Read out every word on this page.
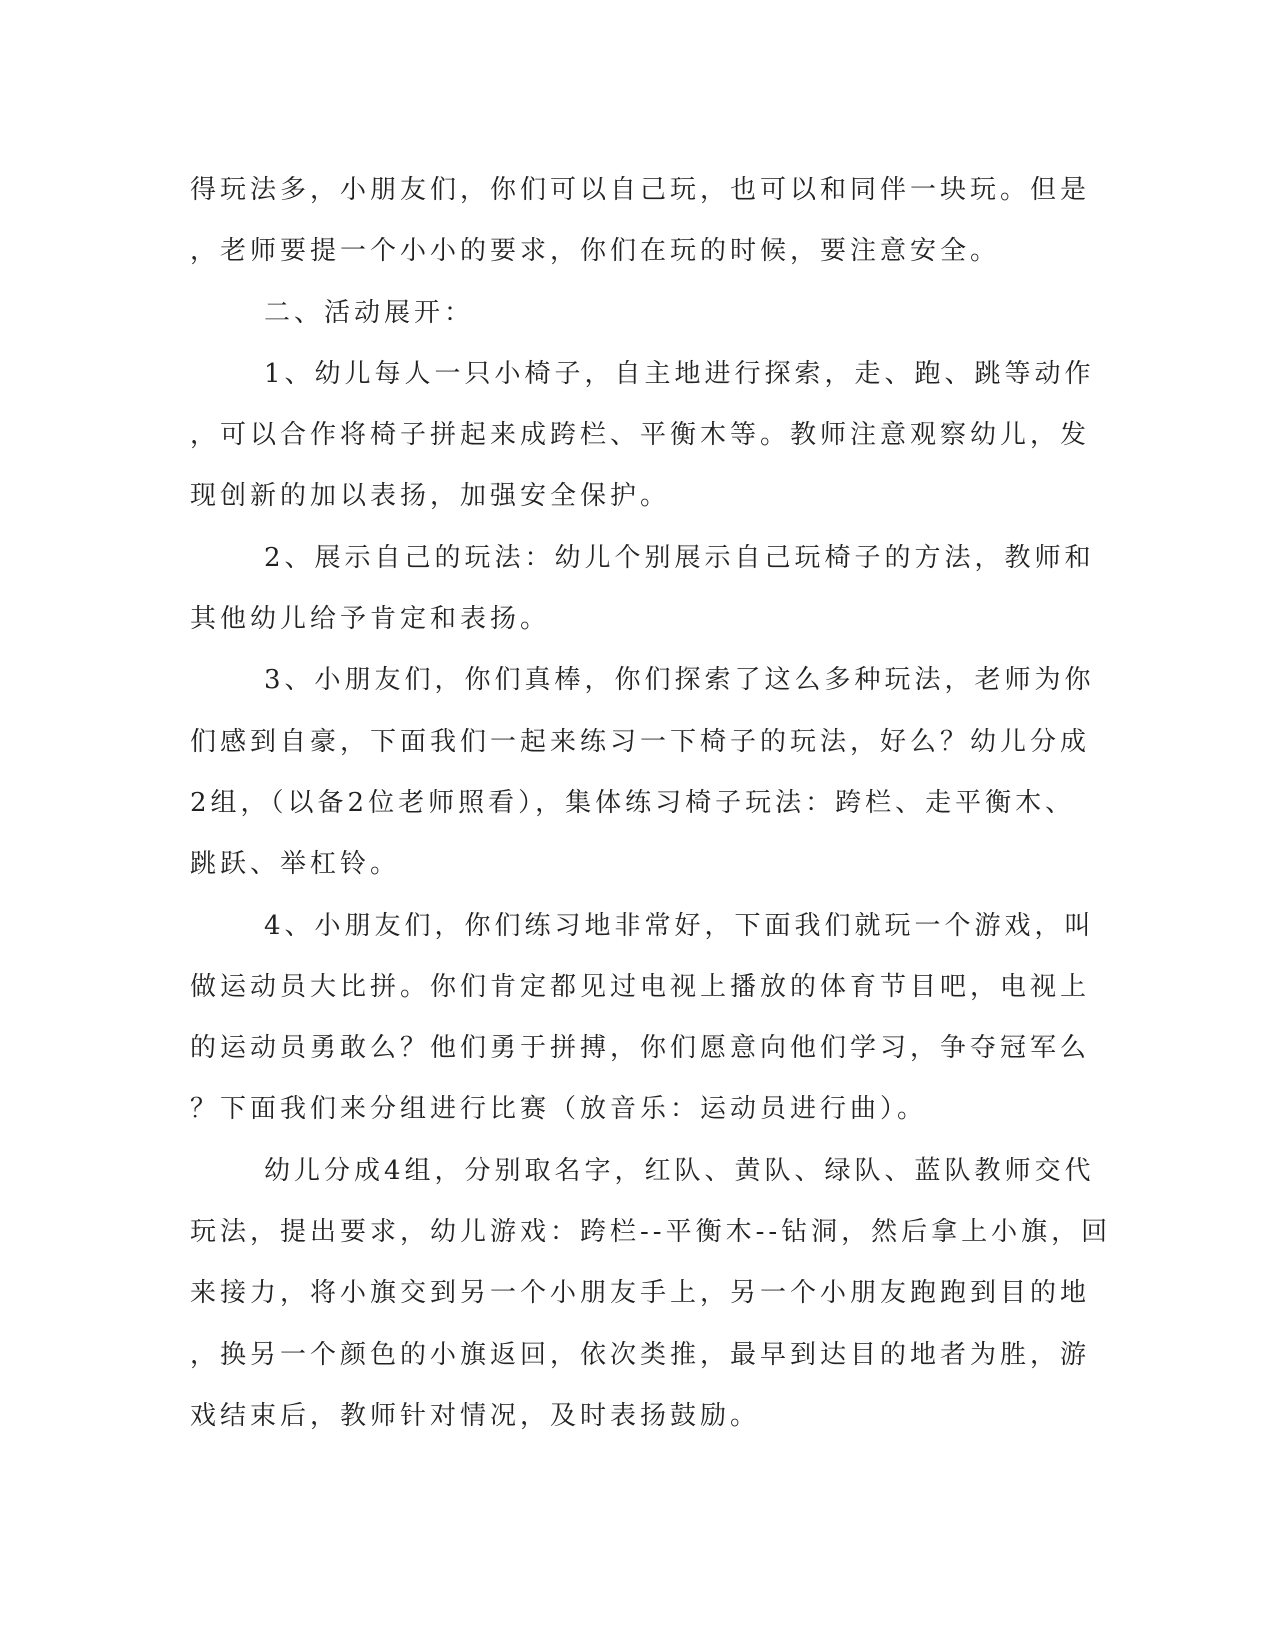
得玩法多，小朋友们，你们可以自己玩，也可以和同伴一块玩。但是
，老师要提一个小小的要求，你们在玩的时候，要注意安全。
二、活动展开：
1、幼儿每人一只小椅子，自主地进行探索，走、跑、跳等动作
，可以合作将椅子拼起来成跨栏、平衡木等。教师注意观察幼儿，发
现创新的加以表扬，加强安全保护。
2、展示自己的玩法：幼儿个别展示自己玩椅子的方法，教师和
其他幼儿给予肯定和表扬。
3、小朋友们，你们真棒，你们探索了这么多种玩法，老师为你
们感到自豪，下面我们一起来练习一下椅子的玩法，好么？幼儿分成
2组，（以备2位老师照看），集体练习椅子玩法：跨栏、走平衡木、
跳跃、举杠铃。
4、小朋友们，你们练习地非常好，下面我们就玩一个游戏，叫
做运动员大比拼。你们肯定都见过电视上播放的体育节目吧，电视上
的运动员勇敢么？他们勇于拼搏，你们愿意向他们学习，争夺冠军么
？下面我们来分组进行比赛（放音乐：运动员进行曲）。
幼儿分成4组，分别取名字，红队、黄队、绿队、蓝队教师交代
玩法，提出要求，幼儿游戏：跨栏--平衡木--钻洞，然后拿上小旗，回
来接力，将小旗交到另一个小朋友手上，另一个小朋友跑跑到目的地
，换另一个颜色的小旗返回，依次类推，最早到达目的地者为胜，游
戏结束后，教师针对情况，及时表扬鼓励。
